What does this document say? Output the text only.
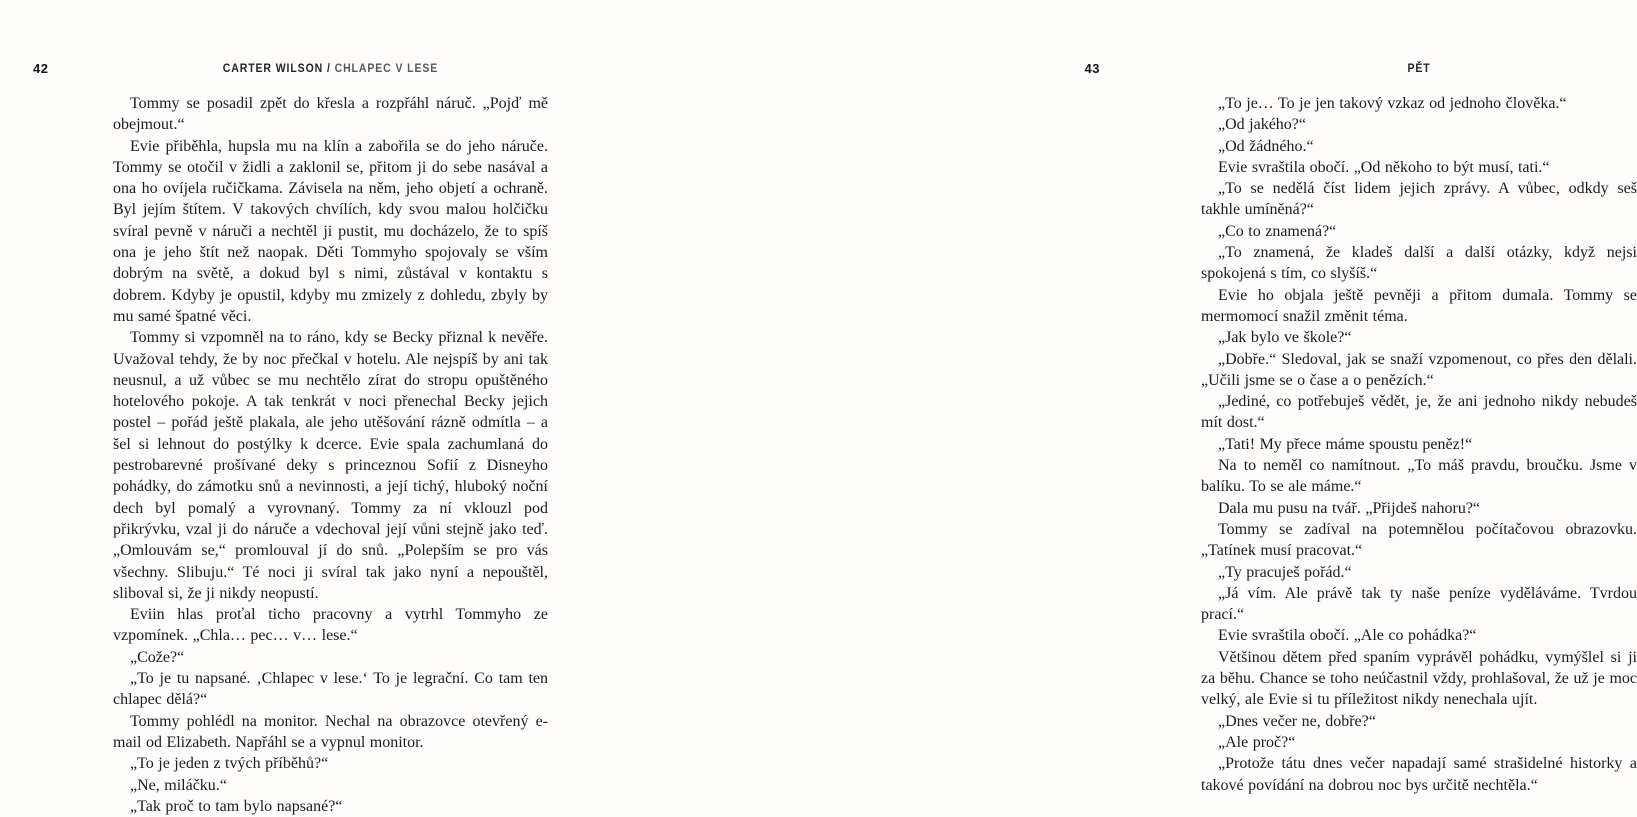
42	CARTER WILSON / CHLAPEC V LESE

Tommy se posadil zpět do křesla a rozpřáhl náruč. „Pojď mě obejmout.“

Evie přiběhla, hupsla mu na klín a zabořila se do jeho náruče. Tommy se otočil v židli a zaklonil se, přitom ji do sebe nasával a ona ho ovíjela ručičkama. Závisela na něm, jeho objetí a ochraně. Byl jejím štítem. V takových chvílích, kdy svou malou holčičku svíral pevně v náruči a nechtěl ji pustit, mu docházelo, že to spíš ona je jeho štít než naopak. Děti Tommyho spojovaly se vším dobrým na světě, a dokud byl s nimi, zůstával v kontaktu s dobrem. Kdyby je opustil, kdyby mu zmizely z dohledu, zbyly by mu samé špatné věci.

Tommy si vzpomněl na to ráno, kdy se Becky přiznal k nevěře. Uvažoval tehdy, že by noc přečkal v hotelu. Ale nejspíš by ani tak neusnul, a už vůbec se mu nechtělo zírat do stropu opuštěného hotelového pokoje. A tak tenkrát v noci přenechal Becky jejich postel – pořád ještě plakala, ale jeho utěšování rázně odmítla – a šel si lehnout do postýlky k dcerce. Evie spala zachumlaná do pestrobarevné prošívané deky s princeznou Sofií z Disneyho pohádky, do zámotku snů a nevinnosti, a její tichý, hluboký noční dech byl pomalý a vyrovnaný. Tommy za ní vklouzl pod přikrývku, vzal ji do náruče a vdechoval její vůni stejně jako teď. „Omlouvám se,“ promlouval jí do snů. „Polepším se pro vás všechny. Slibuju.“ Té noci ji svíral tak jako nyní a nepouštěl, sliboval si, že ji nikdy neopustí.

Eviin hlas proťal ticho pracovny a vytrhl Tommyho ze vzpomínek. „Chla… pec… v… lese.“

„Cože?“

„To je tu napsané. ‚Chlapec v lese.‘ To je legrační. Co tam ten chlapec dělá?“

Tommy pohlédl na monitor. Nechal na obrazovce otevřený e-mail od Elizabeth. Napřáhl se a vypnul monitor.

„To je jeden z tvých příběhů?“

„Ne, miláčku.“

„Tak proč to tam bylo napsané?“

43	PĚT

„To je… To je jen takový vzkaz od jednoho člověka.“

„Od jakého?“

„Od žádného.“

Evie svraštila obočí. „Od někoho to být musí, tati.“

„To se nedělá číst lidem jejich zprávy. A vůbec, odkdy seš takhle umíněná?“

„Co to znamená?“

„To znamená, že kladeš další a další otázky, když nejsi spokojená s tím, co slyšíš.“

Evie ho objala ještě pevněji a přitom dumala. Tommy se mermomocí snažil změnit téma.

„Jak bylo ve škole?“

„Dobře.“ Sledoval, jak se snaží vzpomenout, co přes den dělali. „Učili jsme se o čase a o penězích.“

„Jediné, co potřebuješ vědět, je, že ani jednoho nikdy nebudeš mít dost.“

„Tati! My přece máme spoustu peněz!“

Na to neměl co namítnout. „To máš pravdu, broučku. Jsme v balíku. To se ale máme.“

Dala mu pusu na tvář. „Přijdeš nahoru?“

Tommy se zadíval na potemnělou počítačovou obrazovku. „Tatínek musí pracovat.“

„Ty pracuješ pořád.“

„Já vím. Ale právě tak ty naše peníze vyděláváme. Tvrdou prací.“

Evie svraštila obočí. „Ale co pohádka?“

Většinou dětem před spaním vyprávěl pohádku, vymýšlel si ji za běhu. Chance se toho neúčastnil vždy, prohlašoval, že už je moc velký, ale Evie si tu příležitost nikdy nenechala ujít.

„Dnes večer ne, dobře?“

„Ale proč?“

„Protože tátu dnes večer napadají samé strašidelné historky a takové povídání na dobrou noc bys určitě nechtěla.“
